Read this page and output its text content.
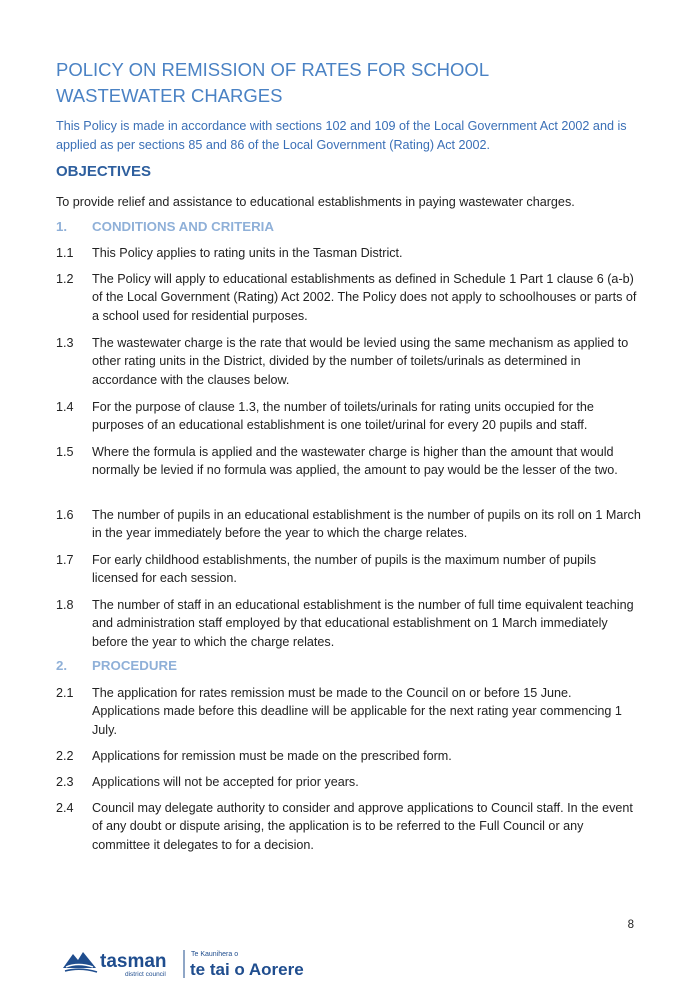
POLICY ON REMISSION OF RATES FOR SCHOOL WASTEWATER CHARGES

This Policy is made in accordance with sections 102 and 109 of the Local Government Act 2002 and is applied as per sections 85 and 86 of the Local Government (Rating) Act 2002.

OBJECTIVES

To provide relief and assistance to educational establishments in paying wastewater charges.

1. CONDITIONS AND CRITERIA
1.1	This Policy applies to rating units in the Tasman District.
1.2	The Policy will apply to educational establishments as defined in Schedule 1 Part 1 clause 6 (a-b) of the Local Government (Rating) Act 2002. The Policy does not apply to schoolhouses or parts of a school used for residential purposes.
1.3	The wastewater charge is the rate that would be levied using the same mechanism as applied to other rating units in the District, divided by the number of toilets/urinals as determined in accordance with the clauses below.
1.4	For the purpose of clause 1.3, the number of toilets/urinals for rating units occupied for the purposes of an educational establishment is one toilet/urinal for every 20 pupils and staff.
1.5	Where the formula is applied and the wastewater charge is higher than the amount that would normally be levied if no formula was applied, the amount to pay would be the lesser of the two.
1.6	The number of pupils in an educational establishment is the number of pupils on its roll on 1 March in the year immediately before the year to which the charge relates.
1.7	For early childhood establishments, the number of pupils is the maximum number of pupils licensed for each session.
1.8	The number of staff in an educational establishment is the number of full time equivalent teaching and administration staff employed by that educational establishment on 1 March immediately before the year to which the charge relates.
2. PROCEDURE
2.1	The application for rates remission must be made to the Council on or before 15 June. Applications made before this deadline will be applicable for the next rating year commencing 1 July.
2.2	Applications for remission must be made on the prescribed form.
2.3	Applications will not be accepted for prior years.
2.4	Council may delegate authority to consider and approve applications to Council staff. In the event of any doubt or dispute arising, the application is to be referred to the Full Council or any committee it delegates to for a decision.
8
tasman
district council
Te Kaunihera o
te tai o Aorere
